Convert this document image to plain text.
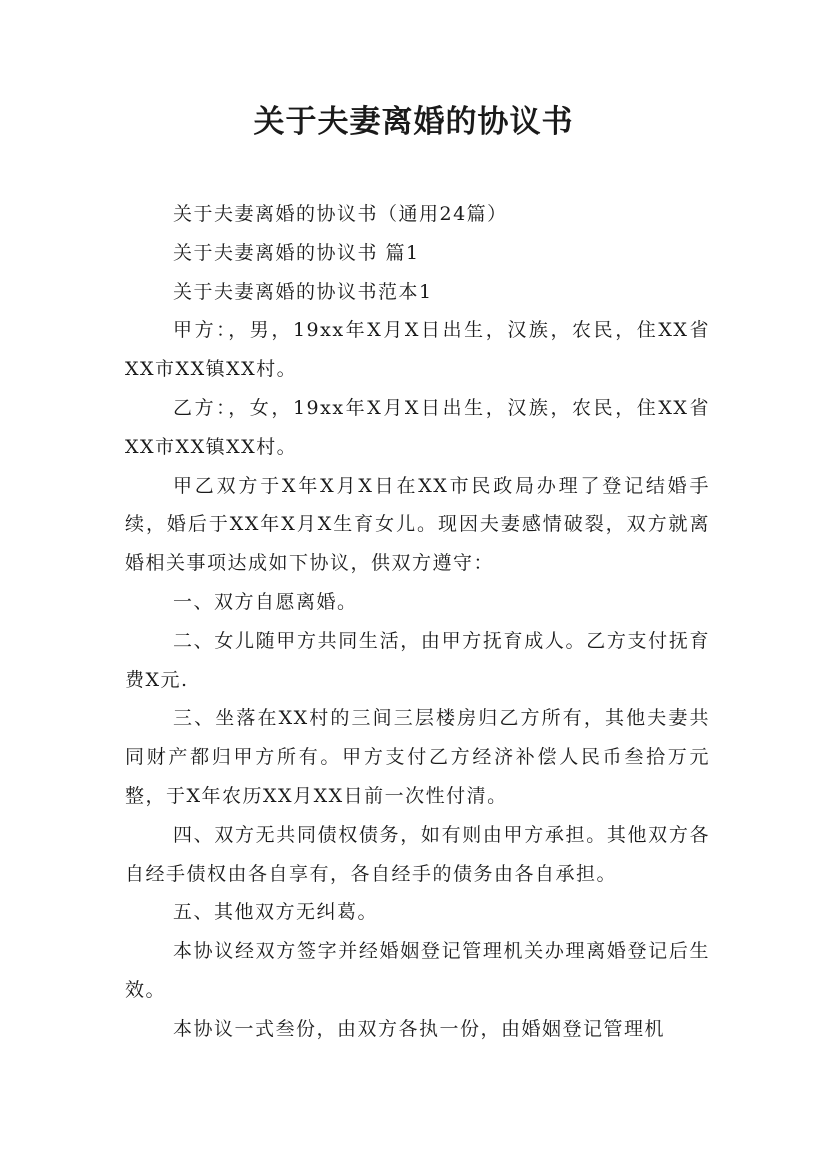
关于夫妻离婚的协议书

关于夫妻离婚的协议书（通用24篇）

关于夫妻离婚的协议书 篇1

关于夫妻离婚的协议书范本1

甲方：，男，19xx年X月X日出生，汉族，农民，住XX省XX市XX镇XX村。

乙方：，女，19xx年X月X日出生，汉族，农民，住XX省XX市XX镇XX村。

甲乙双方于X年X月X日在XX市民政局办理了登记结婚手续，婚后于XX年X月X生育女儿。现因夫妻感情破裂，双方就离婚相关事项达成如下协议，供双方遵守：

一、双方自愿离婚。

二、女儿随甲方共同生活，由甲方抚育成人。乙方支付抚育费X元.

三、坐落在XX村的三间三层楼房归乙方所有，其他夫妻共同财产都归甲方所有。甲方支付乙方经济补偿人民币叁拾万元整，于X年农历XX月XX日前一次性付清。

四、双方无共同债权债务，如有则由甲方承担。其他双方各自经手债权由各自享有，各自经手的债务由各自承担。

五、其他双方无纠葛。

本协议经双方签字并经婚姻登记管理机关办理离婚登记后生效。

本协议一式叁份，由双方各执一份，由婚姻登记管理机
